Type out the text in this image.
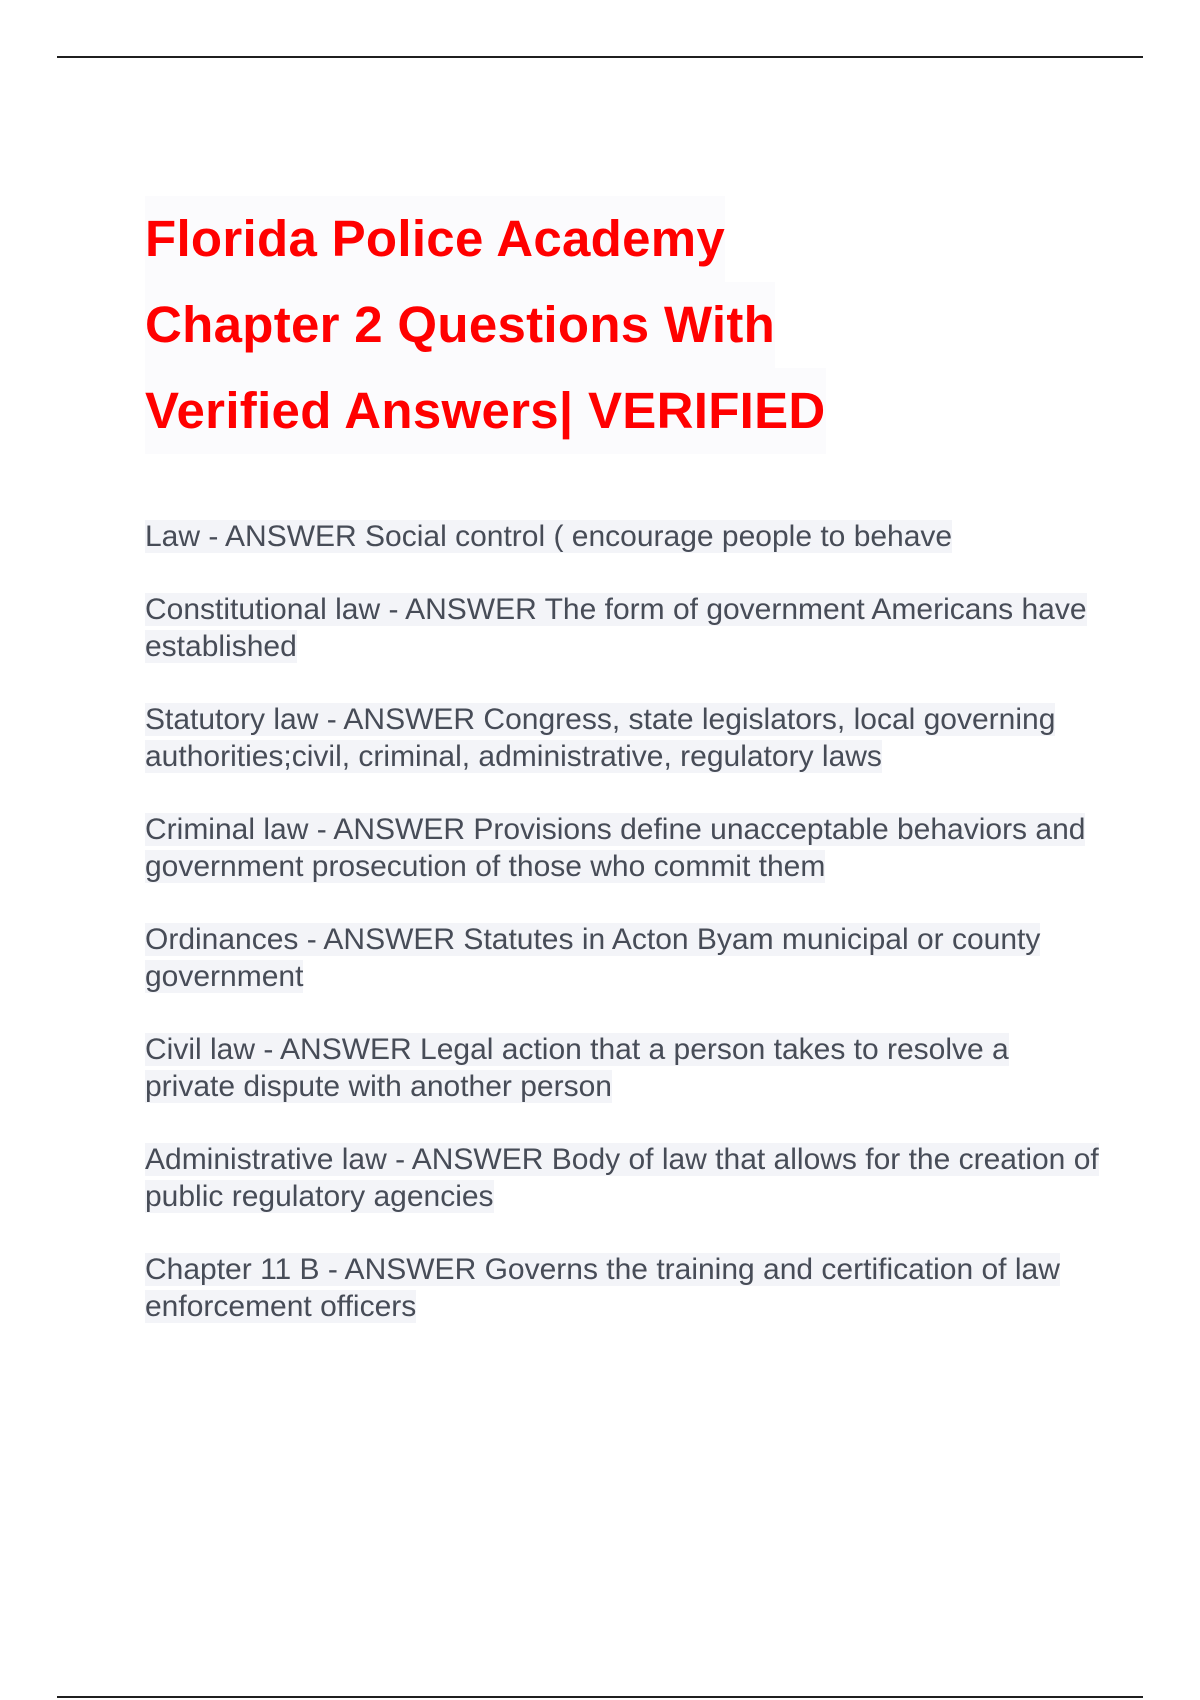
Florida Police Academy
Chapter 2 Questions With
Verified Answers| VERIFIED
Law - ANSWER Social control ( encourage people to behave
Constitutional law - ANSWER The form of government Americans have established
Statutory law - ANSWER Congress, state legislators, local governing authorities;civil, criminal, administrative, regulatory laws
Criminal law - ANSWER Provisions define unacceptable behaviors and government prosecution of those who commit them
Ordinances - ANSWER Statutes in Acton Byam municipal or county government
Civil law - ANSWER Legal action that a person takes to resolve a private dispute with another person
Administrative law - ANSWER Body of law that allows for the creation of public regulatory agencies
Chapter 11 B - ANSWER Governs the training and certification of law enforcement officers
